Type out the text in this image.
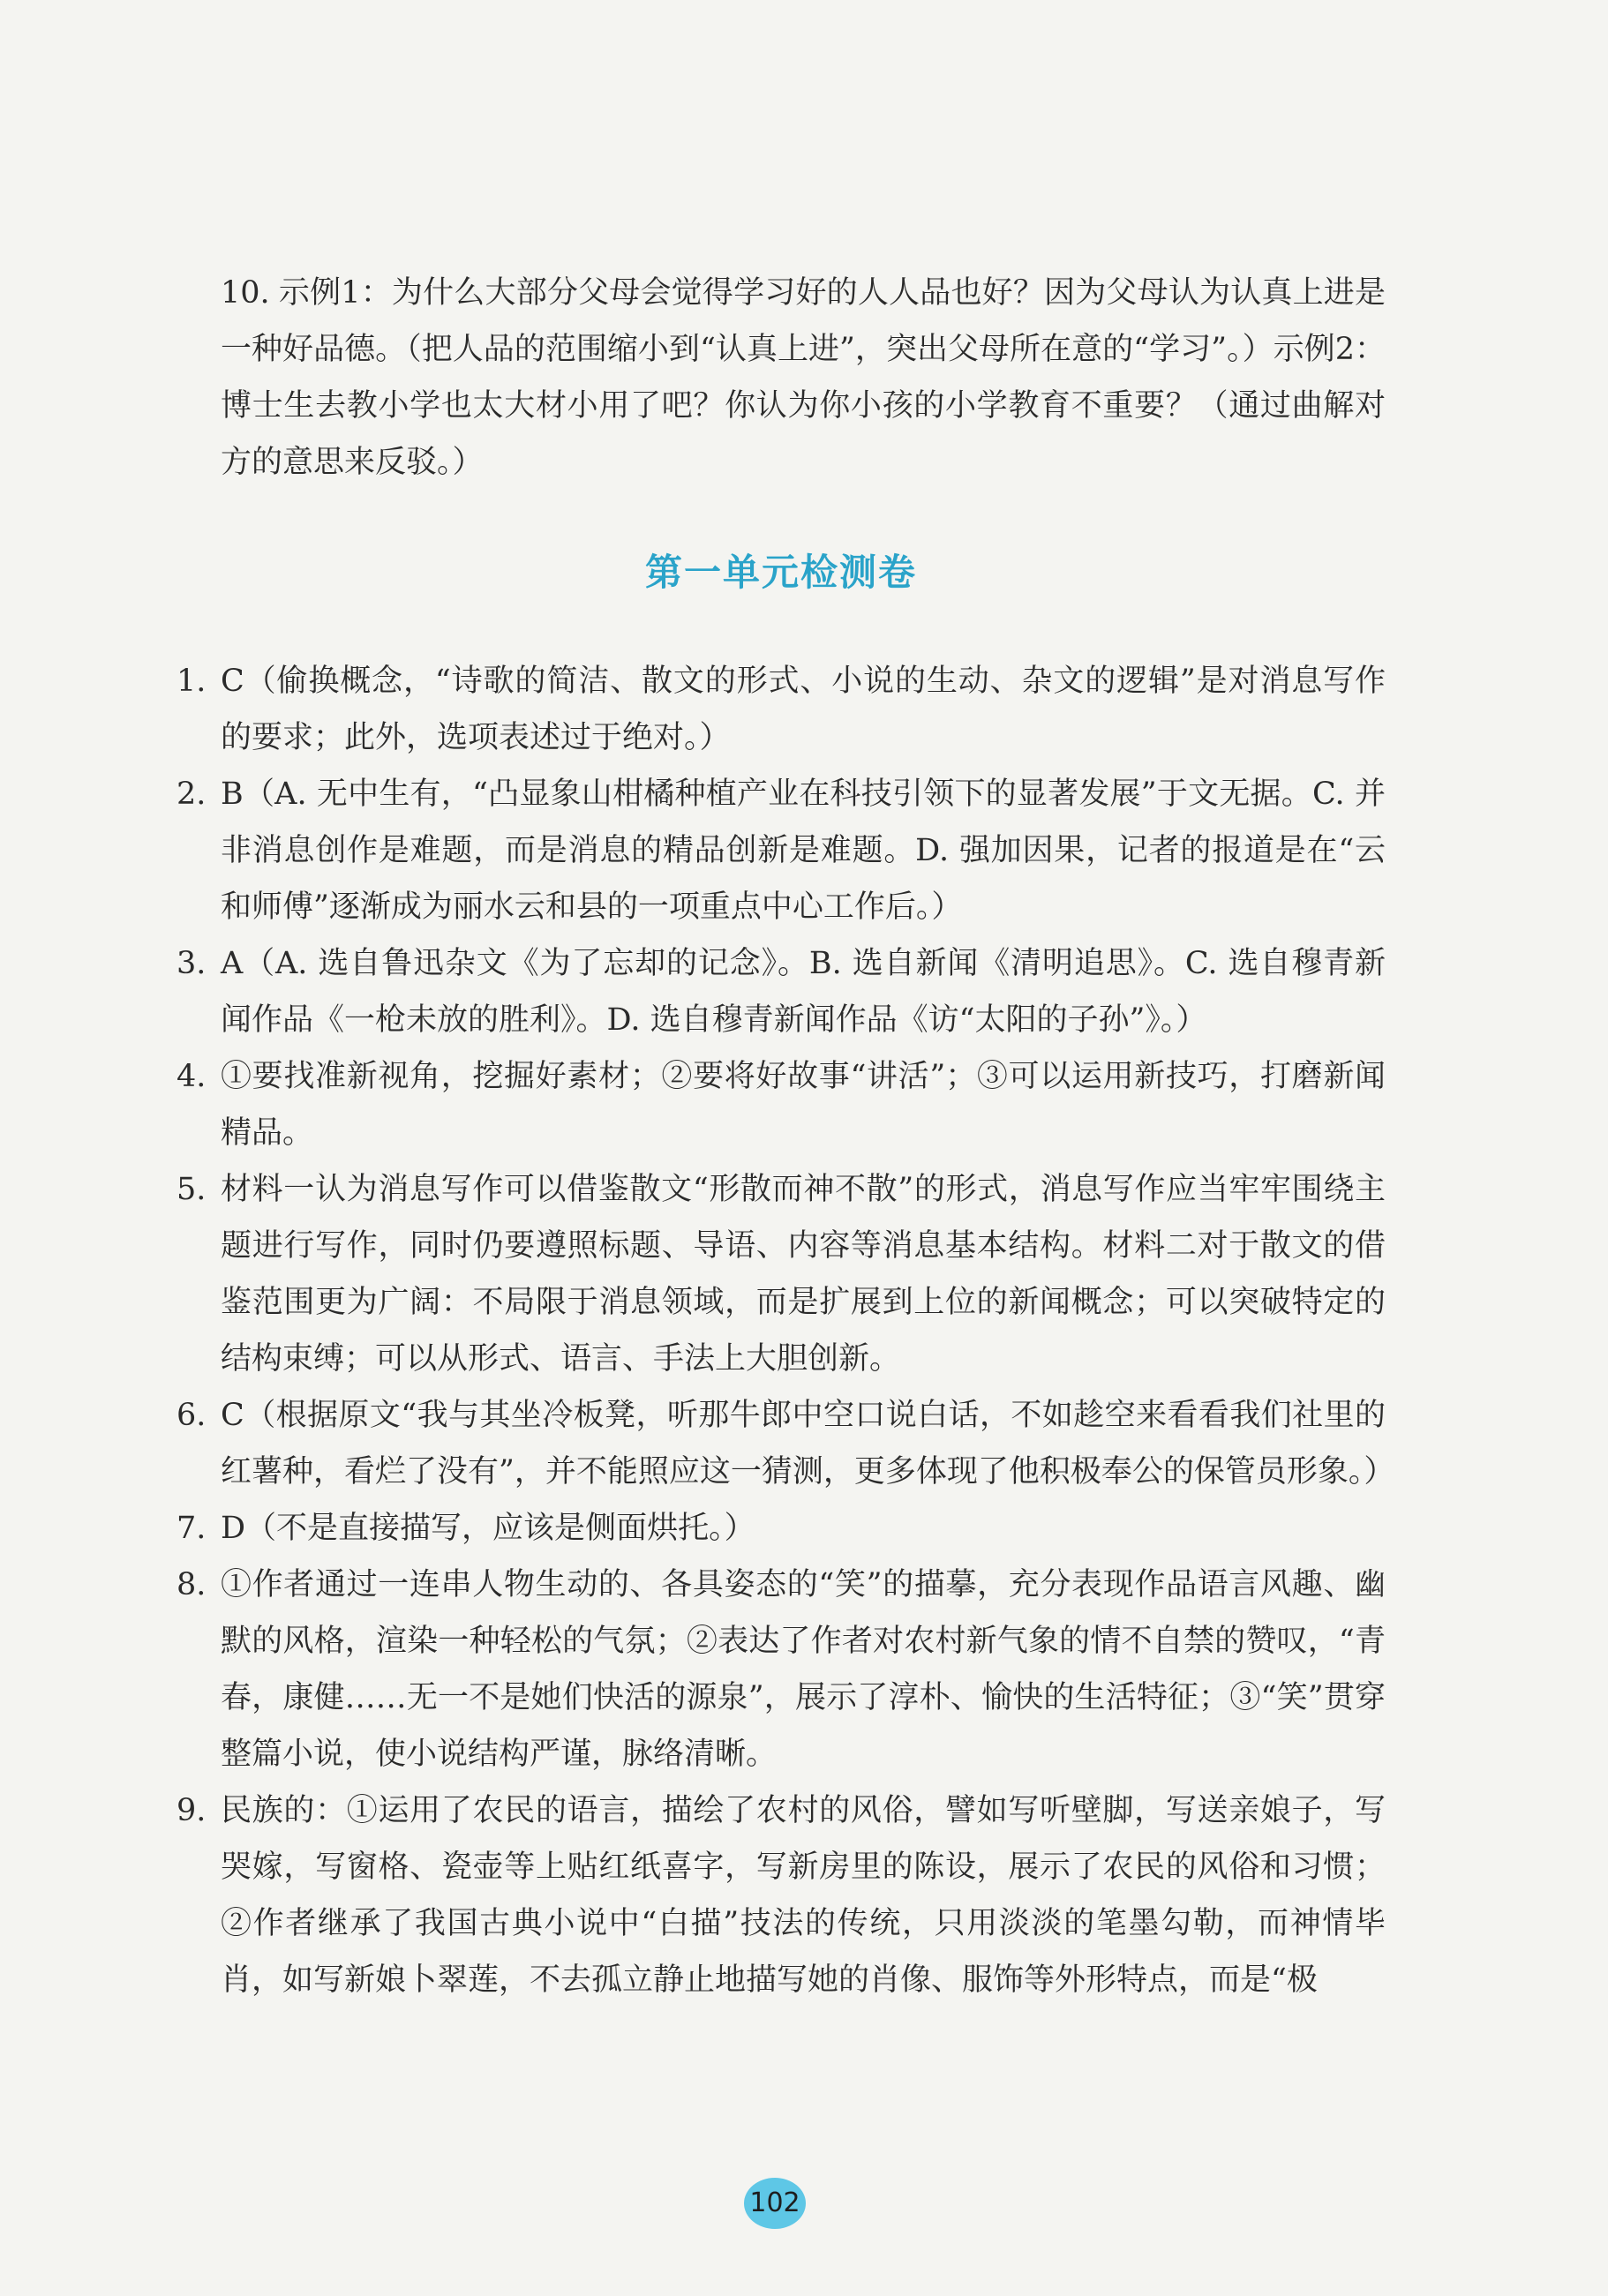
10. 示例1：为什么大部分父母会觉得学习好的人人品也好？因为父母认为认真上进是一种好品德。（把人品的范围缩小到“认真上进”，突出父母所在意的“学习”。）示例2：博士生去教小学也太大材小用了吧？你认为你小孩的小学教育不重要？（通过曲解对方的意思来反驳。）
第一单元检测卷
1. C（偷换概念，“诗歌的简洁、散文的形式、小说的生动、杂文的逻辑”是对消息写作的要求；此外，选项表述过于绝对。）
2. B（A. 无中生有，“凸显象山柑橘种植产业在科技引领下的显著发展”于文无据。C. 并非消息创作是难题，而是消息的精品创新是难题。D. 强加因果，记者的报道是在“云和师傅”逐渐成为丽水云和县的一项重点中心工作后。）
3. A（A. 选自鲁迅杂文《为了忘却的记念》。B. 选自新闻《清明追思》。C. 选自穆青新闻作品《一枪未放的胜利》。D. 选自穆青新闻作品《访“太阳的子孙”》。）
4. ①要找准新视角，挖掘好素材；②要将好故事“讲活”；③可以运用新技巧，打磨新闻精品。
5. 材料一认为消息写作可以借鉴散文“形散而神不散”的形式，消息写作应当牢牢围绕主题进行写作，同时仍要遵照标题、导语、内容等消息基本结构。材料二对于散文的借鉴范围更为广阔：不局限于消息领域，而是扩展到上位的新闻概念；可以突破特定的结构束缚；可以从形式、语言、手法上大胆创新。
6. C（根据原文“我与其坐冷板凳，听那牛郎中空口说白话，不如趁空来看看我们社里的红薯种，看烂了没有”，并不能照应这一猜测，更多体现了他积极奉公的保管员形象。）
7. D（不是直接描写，应该是侧面烘托。）
8. ①作者通过一连串人物生动的、各具姿态的“笑”的描摹，充分表现作品语言风趣、幽默的风格，渲染一种轻松的气氛；②表达了作者对农村新气象的情不自禁的赞叹，“青春，康健……无一不是她们快活的源泉”，展示了淳朴、愉快的生活特征；③“笑”贯穿整篇小说，使小说结构严谨，脉络清晰。
9. 民族的：①运用了农民的语言，描绘了农村的风俗，譬如写听壁脚，写送亲娘子，写哭嫁，写窗格、瓷壶等上贴红纸喜字，写新房里的陈设，展示了农民的风俗和习惯；②作者继承了我国古典小说中“白描”技法的传统，只用淡淡的笔墨勾勒，而神情毕肖，如写新娘卜翠莲，不去孤立静止地描写她的肖像、服饰等外形特点，而是“极
102
